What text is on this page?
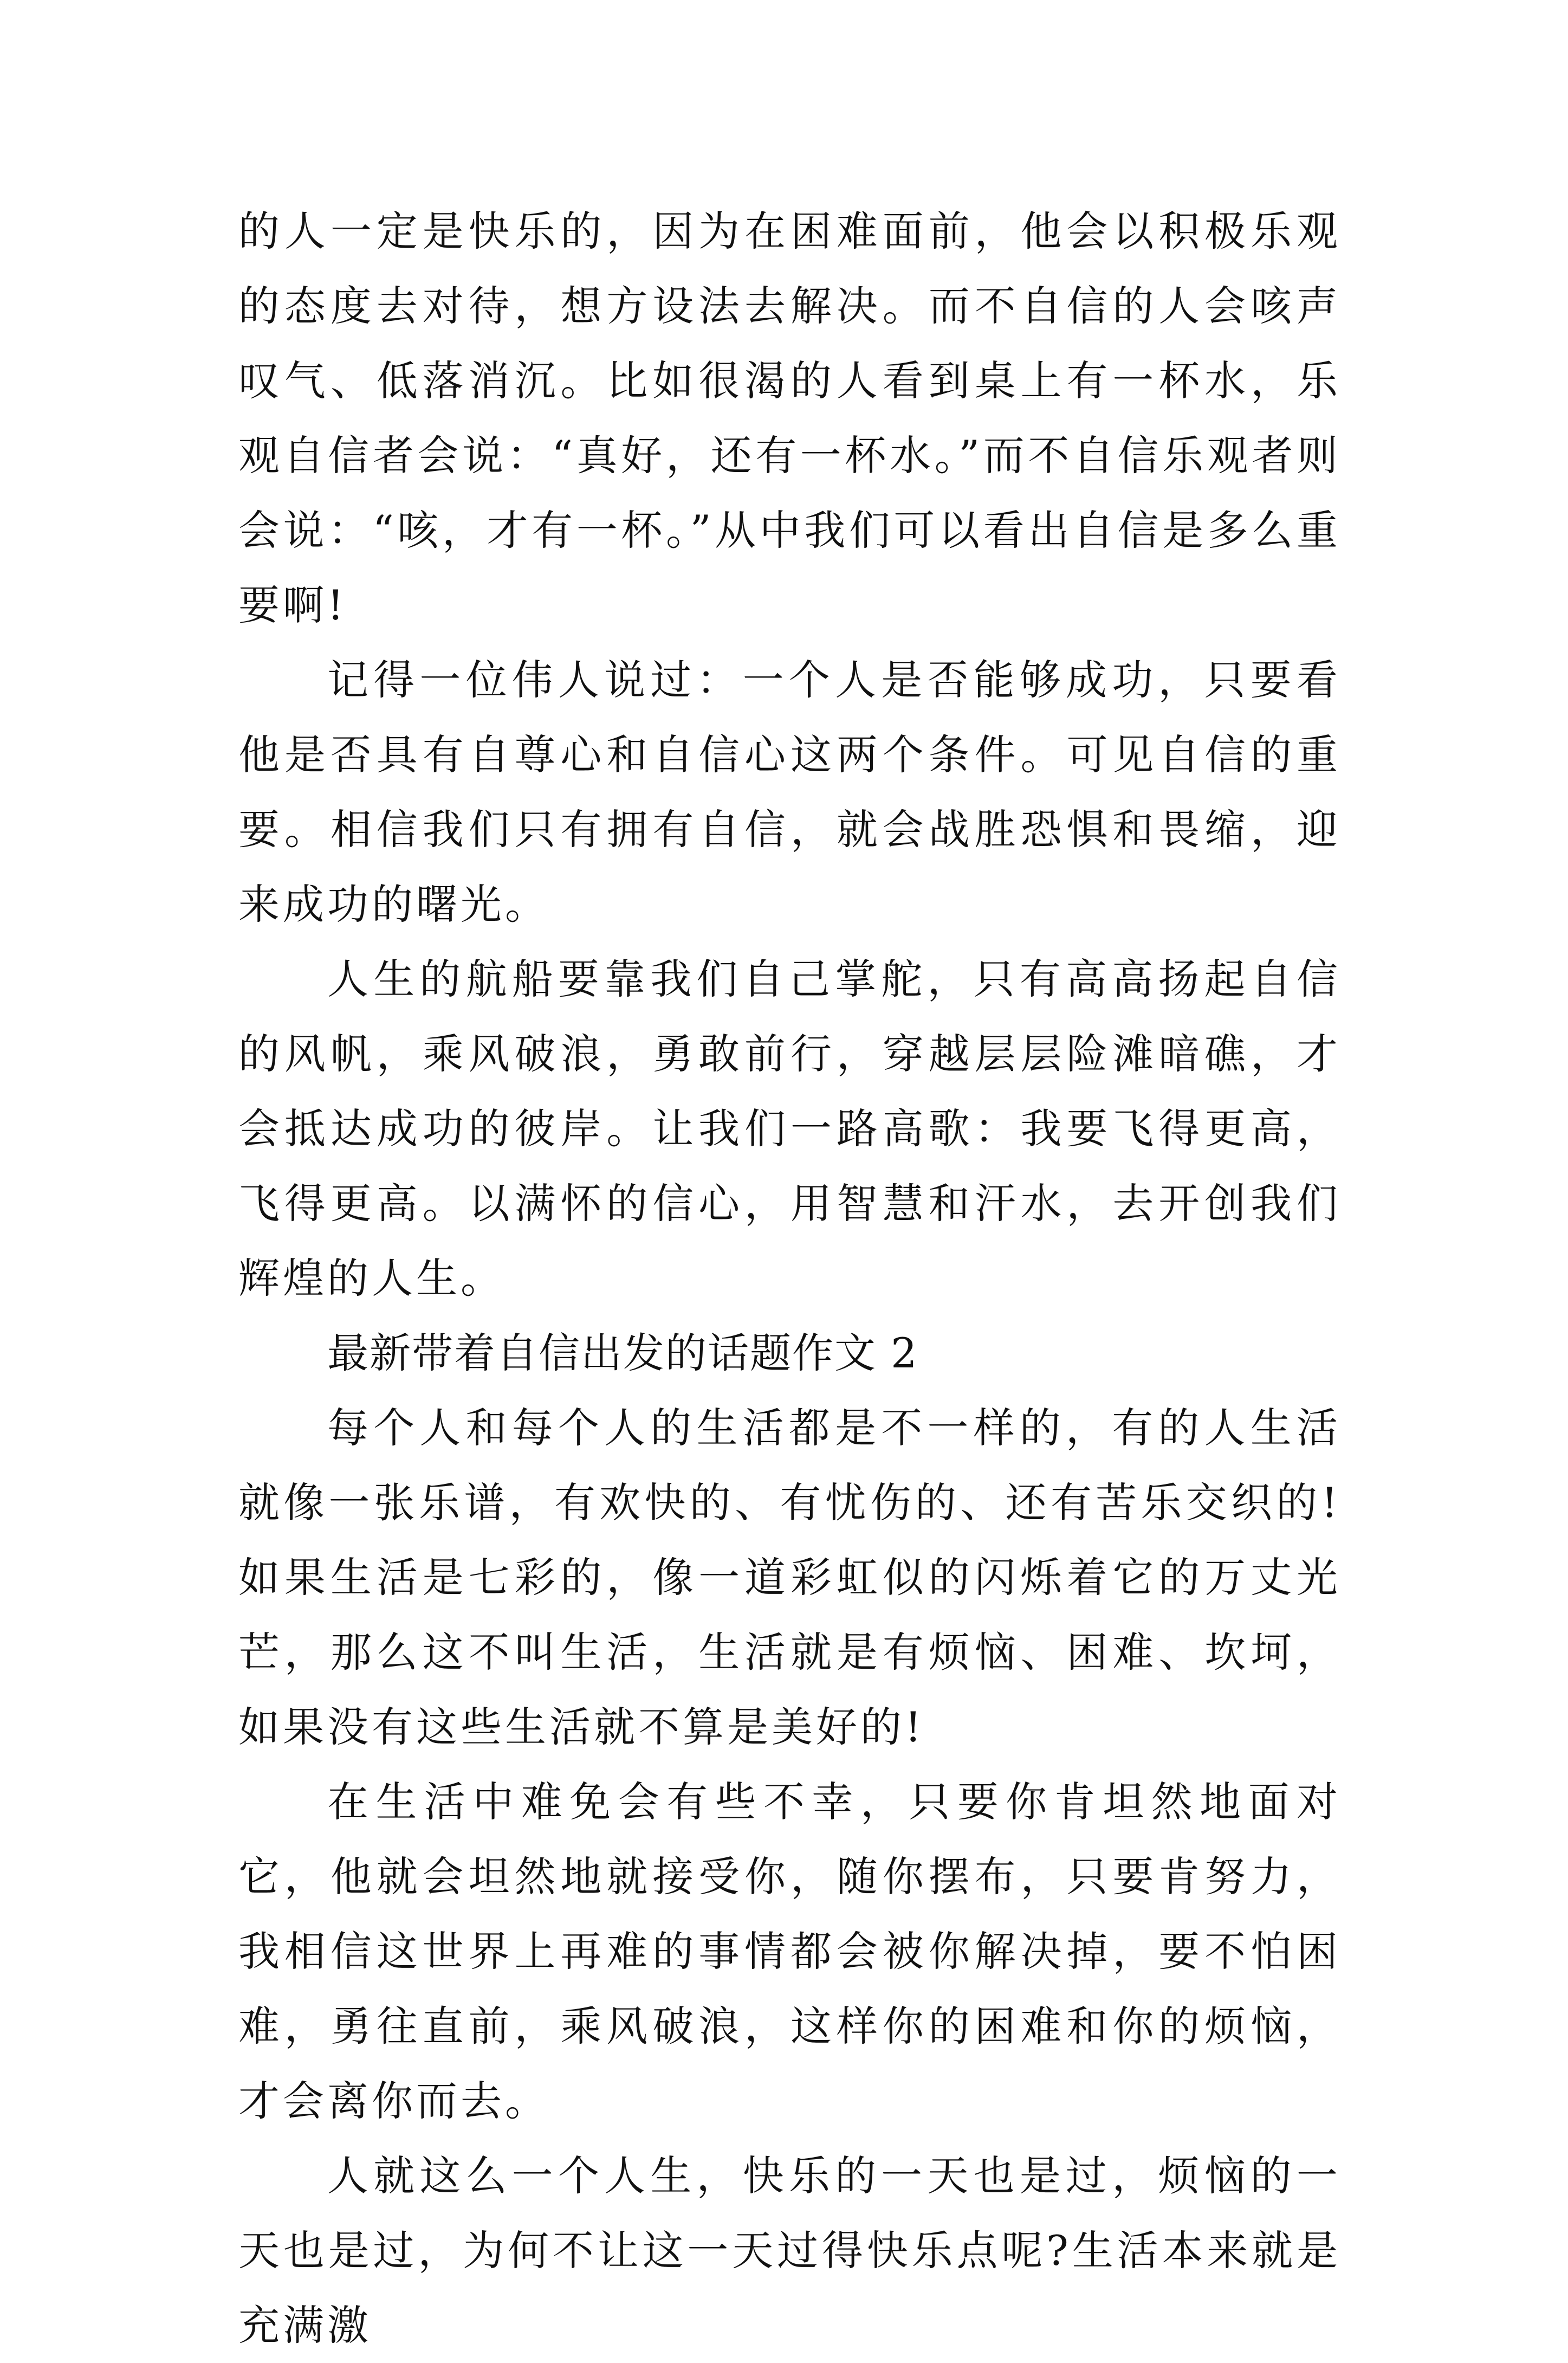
的人一定是快乐的，因为在困难面前，他会以积极乐观的态度去对待，想方设法去解决。而不自信的人会咳声叹气、低落消沉。比如很渴的人看到桌上有一杯水，乐观自信者会说：“真好，还有一杯水。”而不自信乐观者则会说：“咳，才有一杯。”从中我们可以看出自信是多么重要啊!

记得一位伟人说过：一个人是否能够成功，只要看他是否具有自尊心和自信心这两个条件。可见自信的重要。相信我们只有拥有自信，就会战胜恐惧和畏缩，迎来成功的曙光。

人生的航船要靠我们自己掌舵，只有高高扬起自信的风帆，乘风破浪，勇敢前行，穿越层层险滩暗礁，才会抵达成功的彼岸。让我们一路高歌：我要飞得更高，飞得更高。以满怀的信心，用智慧和汗水，去开创我们辉煌的人生。

最新带着自信出发的话题作文 2

每个人和每个人的生活都是不一样的，有的人生活就像一张乐谱，有欢快的、有忧伤的、还有苦乐交织的!如果生活是七彩的，像一道彩虹似的闪烁着它的万丈光芒，那么这不叫生活，生活就是有烦恼、困难、坎坷，如果没有这些生活就不算是美好的!

在生活中难免会有些不幸，只要你肯坦然地面对它，他就会坦然地就接受你，随你摆布，只要肯努力，我相信这世界上再难的事情都会被你解决掉，要不怕困难，勇往直前，乘风破浪，这样你的困难和你的烦恼，才会离你而去。

人就这么一个人生，快乐的一天也是过，烦恼的一天也是过，为何不让这一天过得快乐点呢?生活本来就是充满激
